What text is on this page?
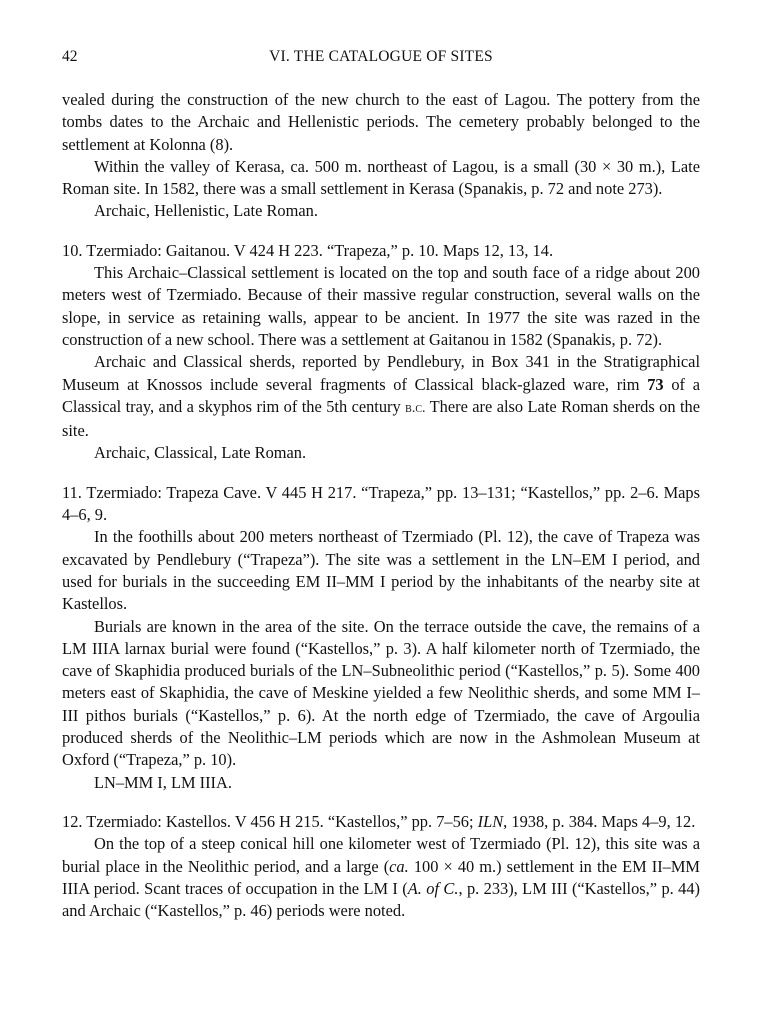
42	VI. THE CATALOGUE OF SITES

vealed during the construction of the new church to the east of Lagou. The pottery from the tombs dates to the Archaic and Hellenistic periods. The cemetery probably belonged to the settlement at Kolonna (8).

Within the valley of Kerasa, ca. 500 m. northeast of Lagou, is a small (30 × 30 m.), Late Roman site. In 1582, there was a small settlement in Kerasa (Spanakis, p. 72 and note 273).

Archaic, Hellenistic, Late Roman.

10. Tzermiado: Gaitanou. V 424 H 223. “Trapeza,” p. 10. Maps 12, 13, 14.

This Archaic–Classical settlement is located on the top and south face of a ridge about 200 meters west of Tzermiado. Because of their massive regular construction, several walls on the slope, in service as retaining walls, appear to be ancient. In 1977 the site was razed in the construction of a new school. There was a settlement at Gaitanou in 1582 (Spanakis, p. 72).

Archaic and Classical sherds, reported by Pendlebury, in Box 341 in the Stratigraphical Museum at Knossos include several fragments of Classical black-glazed ware, rim 73 of a Classical tray, and a skyphos rim of the 5th century b.c. There are also Late Roman sherds on the site.

Archaic, Classical, Late Roman.

11. Tzermiado: Trapeza Cave. V 445 H 217. “Trapeza,” pp. 13–131; “Kastellos,” pp. 2–6. Maps 4–6, 9.

In the foothills about 200 meters northeast of Tzermiado (Pl. 12), the cave of Trapeza was excavated by Pendlebury (“Trapeza”). The site was a settlement in the LN–EM I period, and used for burials in the succeeding EM II–MM I period by the inhabitants of the nearby site at Kastellos.

Burials are known in the area of the site. On the terrace outside the cave, the remains of a LM IIIA larnax burial were found (“Kastellos,” p. 3). A half kilometer north of Tzermiado, the cave of Skaphidia produced burials of the LN–Subneolithic period (“Kastellos,” p. 5). Some 400 meters east of Skaphidia, the cave of Meskine yielded a few Neolithic sherds, and some MM I–III pithos burials (“Kastellos,” p. 6). At the north edge of Tzermiado, the cave of Argoulia produced sherds of the Neolithic–LM periods which are now in the Ashmolean Museum at Oxford (“Trapeza,” p. 10).

LN–MM I, LM IIIA.

12. Tzermiado: Kastellos. V 456 H 215. “Kastellos,” pp. 7–56; ILN, 1938, p. 384. Maps 4–9, 12.

On the top of a steep conical hill one kilometer west of Tzermiado (Pl. 12), this site was a burial place in the Neolithic period, and a large (ca. 100 × 40 m.) settlement in the EM II–MM IIIA period. Scant traces of occupation in the LM I (A. of C., p. 233), LM III (“Kastellos,” p. 44) and Archaic (“Kastellos,” p. 46) periods were noted.
